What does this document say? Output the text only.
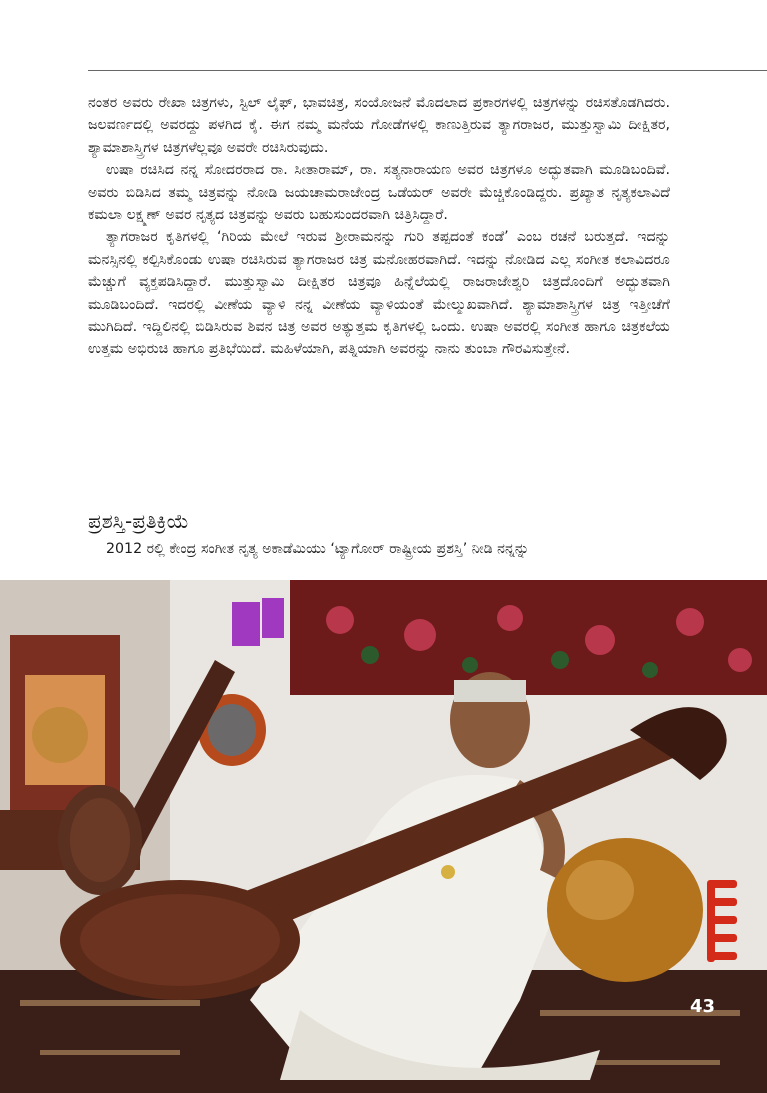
ನಂತರ ಅವರು ರೇಖಾ ಚಿತ್ರಗಳು, ಸ್ಟಿಲ್ ಲೈಫ್, ಭಾವಚಿತ್ರ, ಸಂಯೋಜನೆ ಮೊದಲಾದ ಪ್ರಕಾರಗಳಲ್ಲಿ ಚಿತ್ರಗಳನ್ನು ರಚಿಸತೊಡಗಿದರು. ಜಲವರ್ಣದಲ್ಲಿ ಅವರದ್ದು ಪಳಗಿದ ಕೈ. ಈಗ ನಮ್ಮ ಮನೆಯ ಗೋಡೆಗಳಲ್ಲಿ ಕಾಣುತ್ತಿರುವ ತ್ಯಾಗರಾಜರ, ಮುತ್ತುಸ್ವಾಮಿ ದೀಕ್ಷಿತರ, ಶ್ಯಾಮಾಶಾಸ್ತ್ರಿಗಳ ಚಿತ್ರಗಳೆಲ್ಲವೂ ಅವರೇ ರಚಿಸಿರುವುದು.

ಉಷಾ ರಚಿಸಿದ ನನ್ನ ಸೋದರರಾದ ರಾ. ಸೀತಾರಾಮ್, ರಾ. ಸತ್ಯನಾರಾಯಣ ಅವರ ಚಿತ್ರಗಳೂ ಅದ್ಭುತವಾಗಿ ಮೂಡಿಬಂದಿವೆ. ಅವರು ಬಿಡಿಸಿದ ತಮ್ಮ ಚಿತ್ರವನ್ನು ನೋಡಿ ಜಯಚಾಮರಾಜೇಂದ್ರ ಒಡೆಯರ್ ಅವರೇ ಮೆಚ್ಚಿಕೊಂಡಿದ್ದರು. ಪ್ರಖ್ಯಾತ ನೃತ್ಯಕಲಾವಿದೆ ಕಮಲಾ ಲಕ್ಷ್ಮಣ್ ಅವರ ನೃತ್ಯದ ಚಿತ್ರವನ್ನು ಅವರು ಬಹುಸುಂದರವಾಗಿ ಚಿತ್ರಿಸಿದ್ದಾರೆ.

ತ್ಯಾಗರಾಜರ ಕೃತಿಗಳಲ್ಲಿ ‘ಗಿರಿಯ ಮೇಲೆ ಇರುವ ಶ್ರೀರಾಮನನ್ನು ಗುರಿ ತಪ್ಪದಂತೆ ಕಂಡೆ’ ಎಂಬ ರಚನೆ ಬರುತ್ತದೆ. ಇದನ್ನು ಮನಸ್ಸಿನಲ್ಲಿ ಕಲ್ಪಿಸಿಕೊಂಡು ಉಷಾ ರಚಿಸಿರುವ ತ್ಯಾಗರಾಜರ ಚಿತ್ರ ಮನೋಹರವಾಗಿದೆ. ಇದನ್ನು ನೋಡಿದ ಎಲ್ಲ ಸಂಗೀತ ಕಲಾವಿದರೂ ಮೆಚ್ಚುಗೆ ವ್ಯಕ್ತಪಡಿಸಿದ್ದಾರೆ. ಮುತ್ತುಸ್ವಾಮಿ ದೀಕ್ಷಿತರ ಚಿತ್ರವೂ ಹಿನ್ನೆಲೆಯಲ್ಲಿ ರಾಜರಾಜೇಶ್ವರಿ ಚಿತ್ರದೊಂದಿಗೆ ಅದ್ಭುತವಾಗಿ ಮೂಡಿಬಂದಿದೆ. ಇದರಲ್ಲಿ ವೀಣೆಯ ವ್ಯಾಳಿ ನನ್ನ ವೀಣೆಯ ವ್ಯಾಳಿಯಂತೆ ಮೇಲ್ಮುಖವಾಗಿದೆ. ಶ್ಯಾಮಾಶಾಸ್ತ್ರಿಗಳ ಚಿತ್ರ ಇತ್ತೀಚೆಗೆ ಮುಗಿದಿದೆ. ಇದ್ದಿಲಿನಲ್ಲಿ ಬಿಡಿಸಿರುವ ಶಿವನ ಚಿತ್ರ ಅವರ ಅತ್ಯುತ್ತಮ ಕೃತಿಗಳಲ್ಲಿ ಒಂದು. ಉಷಾ ಅವರಲ್ಲಿ ಸಂಗೀತ ಹಾಗೂ ಚಿತ್ರಕಲೆಯ ಉತ್ತಮ ಅಭಿರುಚಿ ಹಾಗೂ ಪ್ರತಿಭೆಯಿದೆ. ಮಹಿಳೆಯಾಗಿ, ಪತ್ನಿಯಾಗಿ ಅವರನ್ನು ನಾನು ತುಂಬಾ ಗೌರವಿಸುತ್ತೇನೆ.

ಪ್ರಶಸ್ತಿ-ಪ್ರತಿಕ್ರಿಯೆ
2012 ರಲ್ಲಿ ಕೇಂದ್ರ ಸಂಗೀತ ನೃತ್ಯ ಅಕಾಡೆಮಿಯು ‘ಟ್ಯಾಗೋರ್ ರಾಷ್ಟ್ರೀಯ ಪ್ರಶಸ್ತಿ’ ನೀಡಿ ನನ್ನನ್ನು
43
